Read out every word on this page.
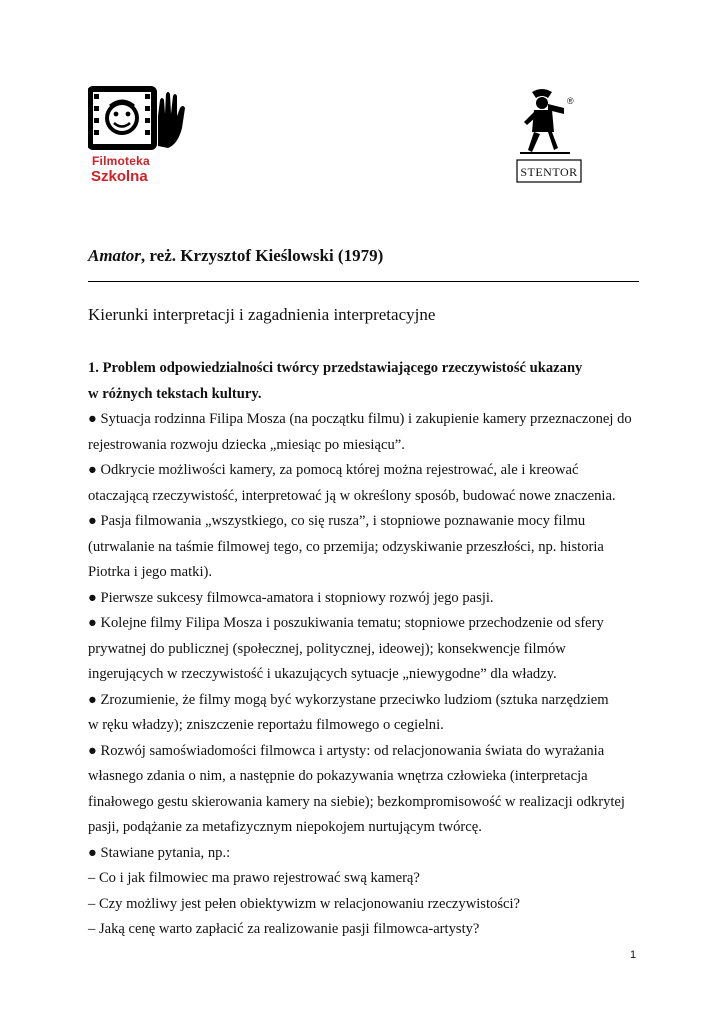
Filmoteka
Szkolna
®
STENTOR
Amator, reż. Krzysztof Kieślowski (1979)
Kierunki interpretacji i zagadnienia interpretacyjne
1. Problem odpowiedzialności twórcy przedstawiającego rzeczywistość ukazany
w różnych tekstach kultury.
● Sytuacja rodzinna Filipa Mosza (na początku filmu) i zakupienie kamery przeznaczonej do
rejestrowania rozwoju dziecka „miesiąc po miesiącu”.
● Odkrycie możliwości kamery, za pomocą której można rejestrować, ale i kreować
otaczającą rzeczywistość, interpretować ją w określony sposób, budować nowe znaczenia.
● Pasja filmowania „wszystkiego, co się rusza”, i stopniowe poznawanie mocy filmu
(utrwalanie na taśmie filmowej tego, co przemija; odzyskiwanie przeszłości, np. historia
Piotrka i jego matki).
● Pierwsze sukcesy filmowca-amatora i stopniowy rozwój jego pasji.
● Kolejne filmy Filipa Mosza i poszukiwania tematu; stopniowe przechodzenie od sfery
prywatnej do publicznej (społecznej, politycznej, ideowej); konsekwencje filmów
ingerujących w rzeczywistość i ukazujących sytuacje „niewygodne” dla władzy.
● Zrozumienie, że filmy mogą być wykorzystane przeciwko ludziom (sztuka narzędziem
w ręku władzy); zniszczenie reportażu filmowego o cegielni.
● Rozwój samoświadomości filmowca i artysty: od relacjonowania świata do wyrażania
własnego zdania o nim, a następnie do pokazywania wnętrza człowieka (interpretacja
finałowego gestu skierowania kamery na siebie); bezkompromisowość w realizacji odkrytej
pasji, podążanie za metafizycznym niepokojem nurtującym twórcę.
● Stawiane pytania, np.:
– Co i jak filmowiec ma prawo rejestrować swą kamerą?
– Czy możliwy jest pełen obiektywizm w relacjonowaniu rzeczywistości?
– Jaką cenę warto zapłacić za realizowanie pasji filmowca-artysty?
1
